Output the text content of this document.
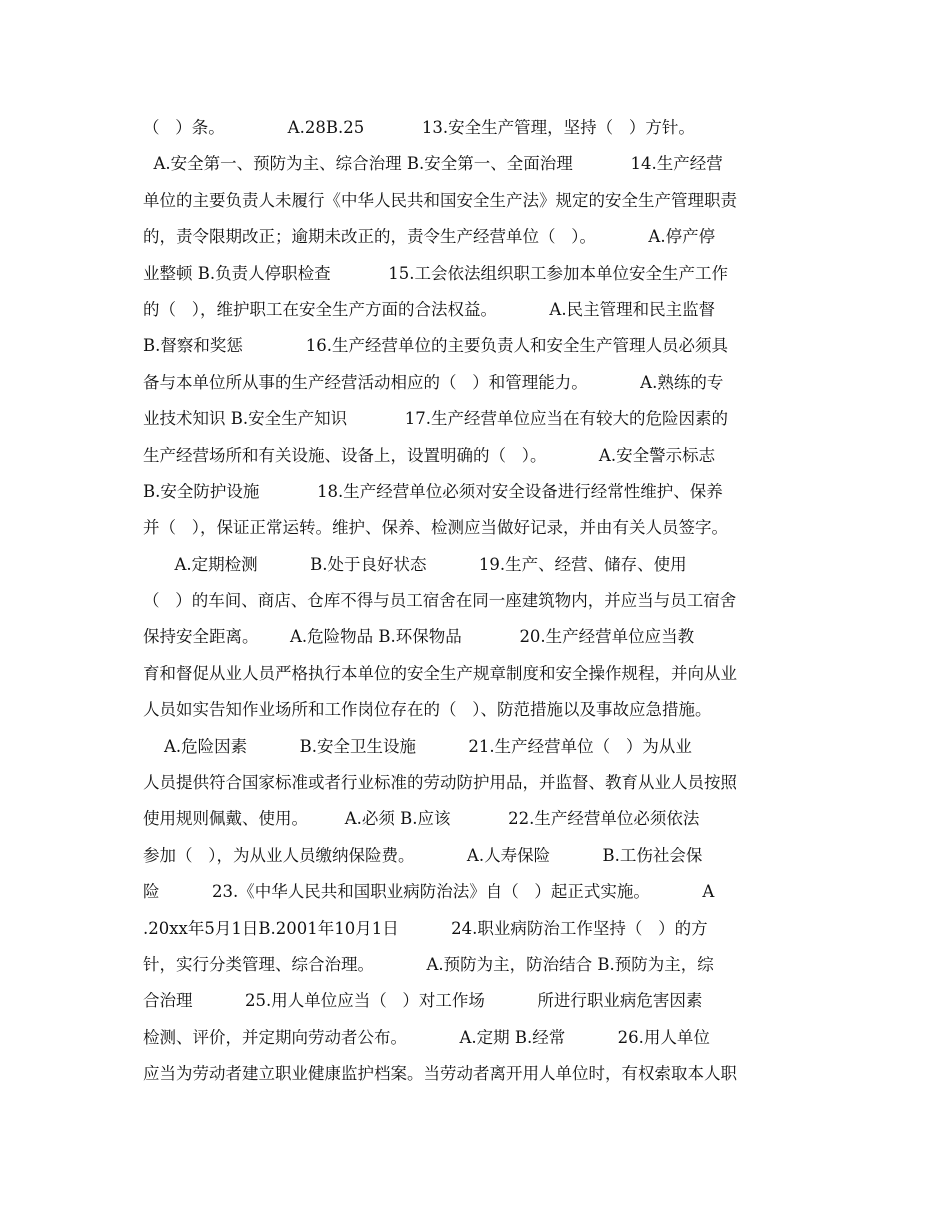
（   ）条。            A.28B.25           13.安全生产管理，坚持（   ）方针。
A.安全第一、预防为主、综合治理 B.安全第一、全面治理           14.生产经营
单位的主要负责人未履行《中华人民共和国安全生产法》规定的安全生产管理职责
的，责令限期改正；逾期未改正的，责令生产经营单位（   ）。          A.停产停
业整顿 B.负责人停职检查           15.工会依法组织职工参加本单位安全生产工作
的（   ），维护职工在安全生产方面的合法权益。          A.民主管理和民主监督
B.督察和奖惩            16.生产经营单位的主要负责人和安全生产管理人员必须具
备与本单位所从事的生产经营活动相应的（   ）和管理能力。          A.熟练的专
业技术知识 B.安全生产知识           17.生产经营单位应当在有较大的危险因素的
生产经营场所和有关设施、设备上，设置明确的（   ）。          A.安全警示标志
B.安全防护设施           18.生产经营单位必须对安全设备进行经常性维护、保养
并（   ），保证正常运转。维护、保养、检测应当做好记录，并由有关人员签字。
A.定期检测          B.处于良好状态          19.生产、经营、储存、使用
（   ）的车间、商店、仓库不得与员工宿舍在同一座建筑物内，并应当与员工宿舍
保持安全距离。      A.危险物品 B.环保物品           20.生产经营单位应当教
育和督促从业人员严格执行本单位的安全生产规章制度和安全操作规程，并向从业
人员如实告知作业场所和工作岗位存在的（   ）、防范措施以及事故应急措施。
A.危险因素          B.安全卫生设施          21.生产经营单位（   ）为从业
人员提供符合国家标准或者行业标准的劳动防护用品，并监督、教育从业人员按照
使用规则佩戴、使用。       A.必须 B.应该           22.生产经营单位必须依法
参加（   ），为从业人员缴纳保险费。          A.人寿保险          B.工伤社会保
险          23.《中华人民共和国职业病防治法》自（   ）起正式实施。          A
.20xx年5月1日B.2001年10月1日          24.职业病防治工作坚持（   ）的方
针，实行分类管理、综合治理。          A.预防为主，防治结合 B.预防为主，综
合治理          25.用人单位应当（   ）对工作场          所进行职业病危害因素
检测、评价，并定期向劳动者公布。          A.定期 B.经常          26.用人单位
应当为劳动者建立职业健康监护档案。当劳动者离开用人单位时，有权索取本人职
